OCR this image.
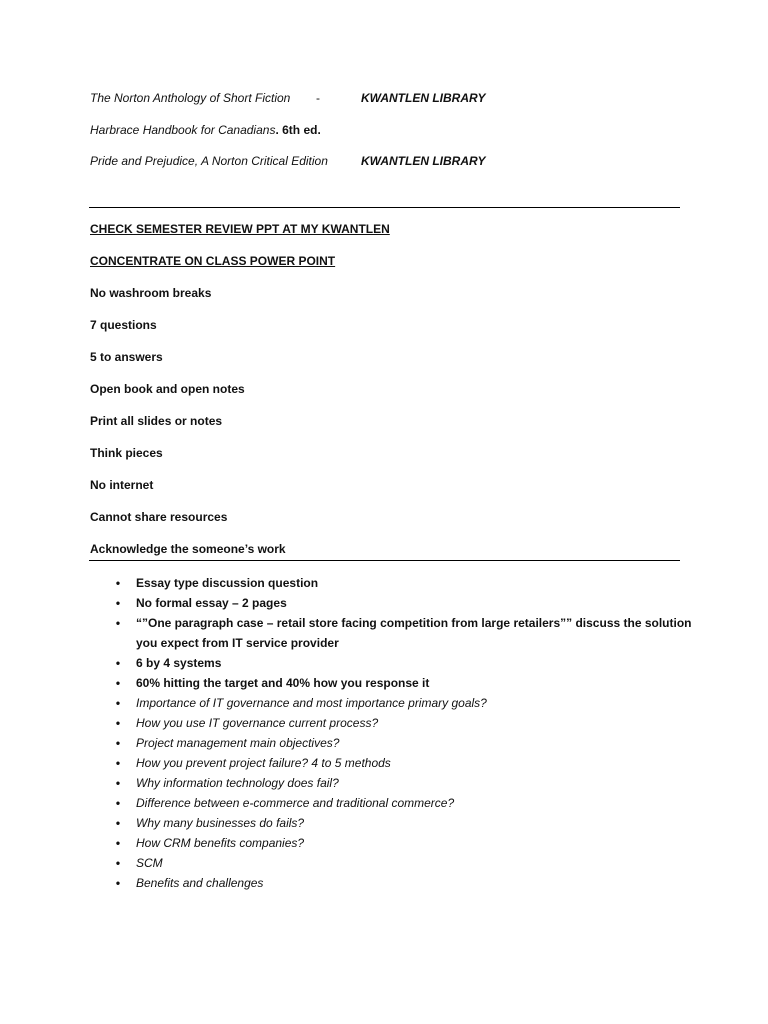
The Norton Anthology of Short Fiction -	KWANTLEN LIBRARY
Harbrace Handbook for Canadians. 6th ed.
Pride and Prejudice, A Norton Critical Edition	KWANTLEN LIBRARY
CHECK SEMESTER REVIEW PPT AT MY KWANTLEN
CONCENTRATE ON CLASS POWER POINT
No washroom breaks
7 questions
5 to answers
Open book and open notes
Print all slides or notes
Think pieces
No internet
Cannot share resources
Acknowledge the someone’s work
• Essay type discussion question
• No formal essay – 2 pages
• “”One paragraph case – retail store facing competition from large retailers”” discuss the solution you expect from IT service provider
• 6 by 4 systems
• 60% hitting the target and 40% how you response it
• Importance of IT governance and most importance primary goals?
• How you use IT governance current process?
• Project management main objectives?
• How you prevent project failure? 4 to 5 methods
• Why information technology does fail?
• Difference between e-commerce and traditional commerce?
• Why many businesses do fails?
• How CRM benefits companies?
• SCM
• Benefits and challenges
